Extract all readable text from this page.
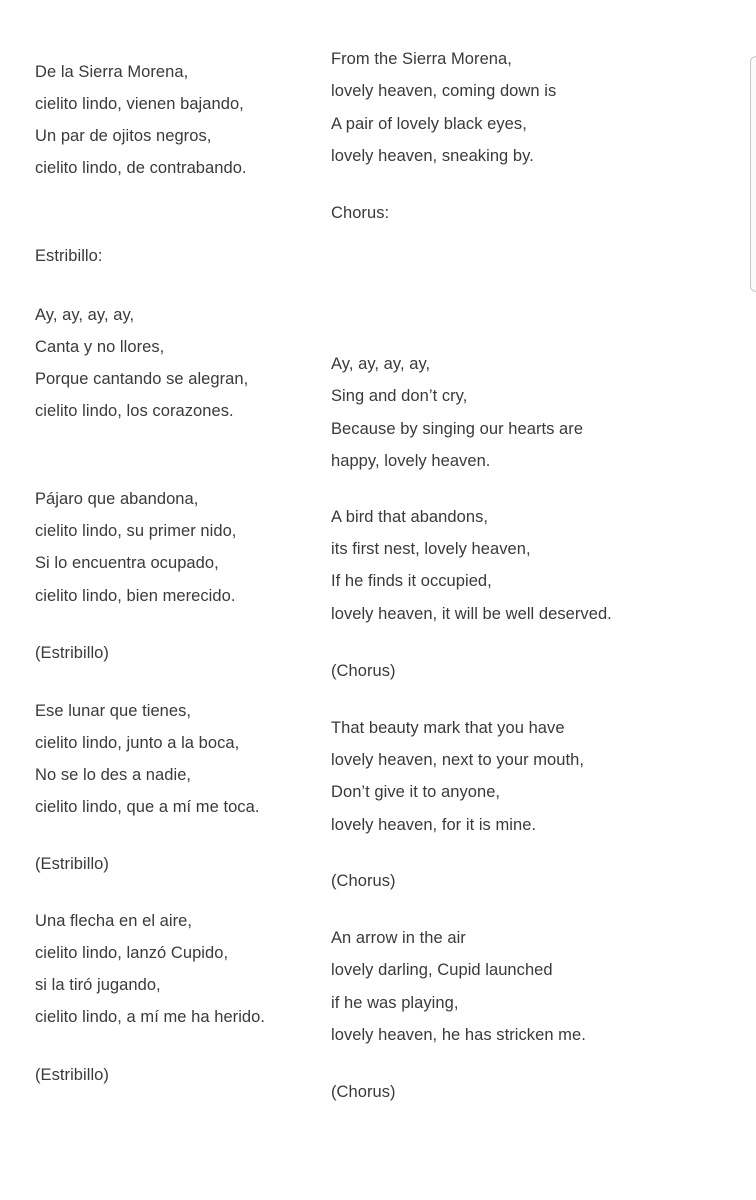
De la Sierra Morena,

cielito lindo, vienen bajando,

Un par de ojitos negros,

cielito lindo, de contrabando.

Estribillo:

Ay, ay, ay, ay,

Canta y no llores,

Porque cantando se alegran,

cielito lindo, los corazones.

Pájaro que abandona,

cielito lindo, su primer nido,

Si lo encuentra ocupado,

cielito lindo, bien merecido.

(Estribillo)

Ese lunar que tienes,

cielito lindo, junto a la boca,

No se lo des a nadie,

cielito lindo, que a mí me toca.

(Estribillo)

Una flecha en el aire,

cielito lindo, lanzó Cupido,

si la tiró jugando,

cielito lindo, a mí me ha herido.

(Estribillo)

From the Sierra Morena,

lovely heaven, coming down is

A pair of lovely black eyes,

lovely heaven, sneaking by.

Chorus:

Ay, ay, ay, ay,

Sing and don’t cry,

Because by singing our hearts are

happy, lovely heaven.

A bird that abandons,

its first nest, lovely heaven,

If he finds it occupied,

lovely heaven, it will be well deserved.

(Chorus)

That beauty mark that you have

lovely heaven, next to your mouth,

Don’t give it to anyone,

lovely heaven, for it is mine.

(Chorus)

An arrow in the air

lovely darling, Cupid launched

if he was playing,

lovely heaven, he has stricken me.

(Chorus)
